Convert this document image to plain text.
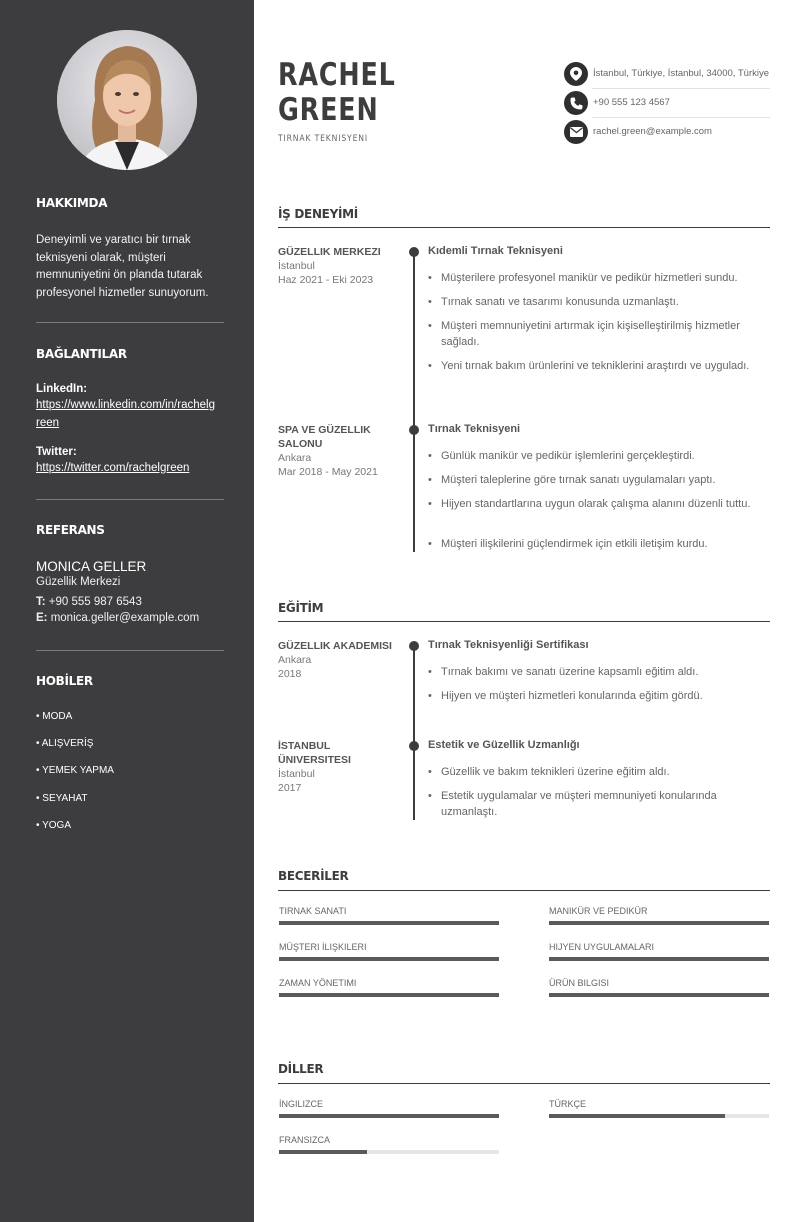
HAKKIMDA
Deneyimli ve yaratıcı bir tırnak teknisyeni olarak, müşteri memnuniyetini ön planda tutarak profesyonel hizmetler sunuyorum.
BAĞLANTILAR
LinkedIn:
https://www.linkedin.com/in/rachelgreen
Twitter:
https://twitter.com/rachelgreen
REFERANS
MONICA GELLER
Güzellik Merkezi
T: +90 555 987 6543
E: monica.geller@example.com
HOBİLER
• MODA
• ALIŞVERİŞ
• YEMEK YAPMA
• SEYAHAT
• YOGA
RACHEL
GREEN
TIRNAK TEKNISYENI
İstanbul, Türkiye, İstanbul, 34000, Türkiye
+90 555 123 4567
rachel.green@example.com
İŞ DENEYİMİ
GÜZELLIK MERKEZI
İstanbul
Haz 2021 - Eki 2023
Kıdemli Tırnak Teknisyeni
• Müşterilere profesyonel manikür ve pedikür hizmetleri sundu.
• Tırnak sanatı ve tasarımı konusunda uzmanlaştı.
• Müşteri memnuniyetini artırmak için kişiselleştirilmiş hizmetler sağladı.
• Yeni tırnak bakım ürünlerini ve tekniklerini araştırdı ve uyguladı.
SPA VE GÜZELLIK SALONU
Ankara
Mar 2018 - May 2021
Tırnak Teknisyeni
• Günlük manikür ve pedikür işlemlerini gerçekleştirdi.
• Müşteri taleplerine göre tırnak sanatı uygulamaları yaptı.
• Hijyen standartlarına uygun olarak çalışma alanını düzenli tuttu.
• Müşteri ilişkilerini güçlendirmek için etkili iletişim kurdu.
EĞİTİM
GÜZELLIK AKADEMISI
Ankara
2018
Tırnak Teknisyenliği Sertifikası
• Tırnak bakımı ve sanatı üzerine kapsamlı eğitim aldı.
• Hijyen ve müşteri hizmetleri konularında eğitim gördü.
İSTANBUL ÜNIVERSITESI
İstanbul
2017
Estetik ve Güzellik Uzmanlığı
• Güzellik ve bakım teknikleri üzerine eğitim aldı.
• Estetik uygulamalar ve müşteri memnuniyeti konularında uzmanlaştı.
BECERİLER
TIRNAK SANATI	MANIKÜR VE PEDIKÜR
MÜŞTERI İLIŞKILERI	HIJYEN UYGULAMALARI
ZAMAN YÖNETIMI	ÜRÜN BILGISI
DİLLER
İNGILIZCE	TÜRKÇE
FRANSIZCA
